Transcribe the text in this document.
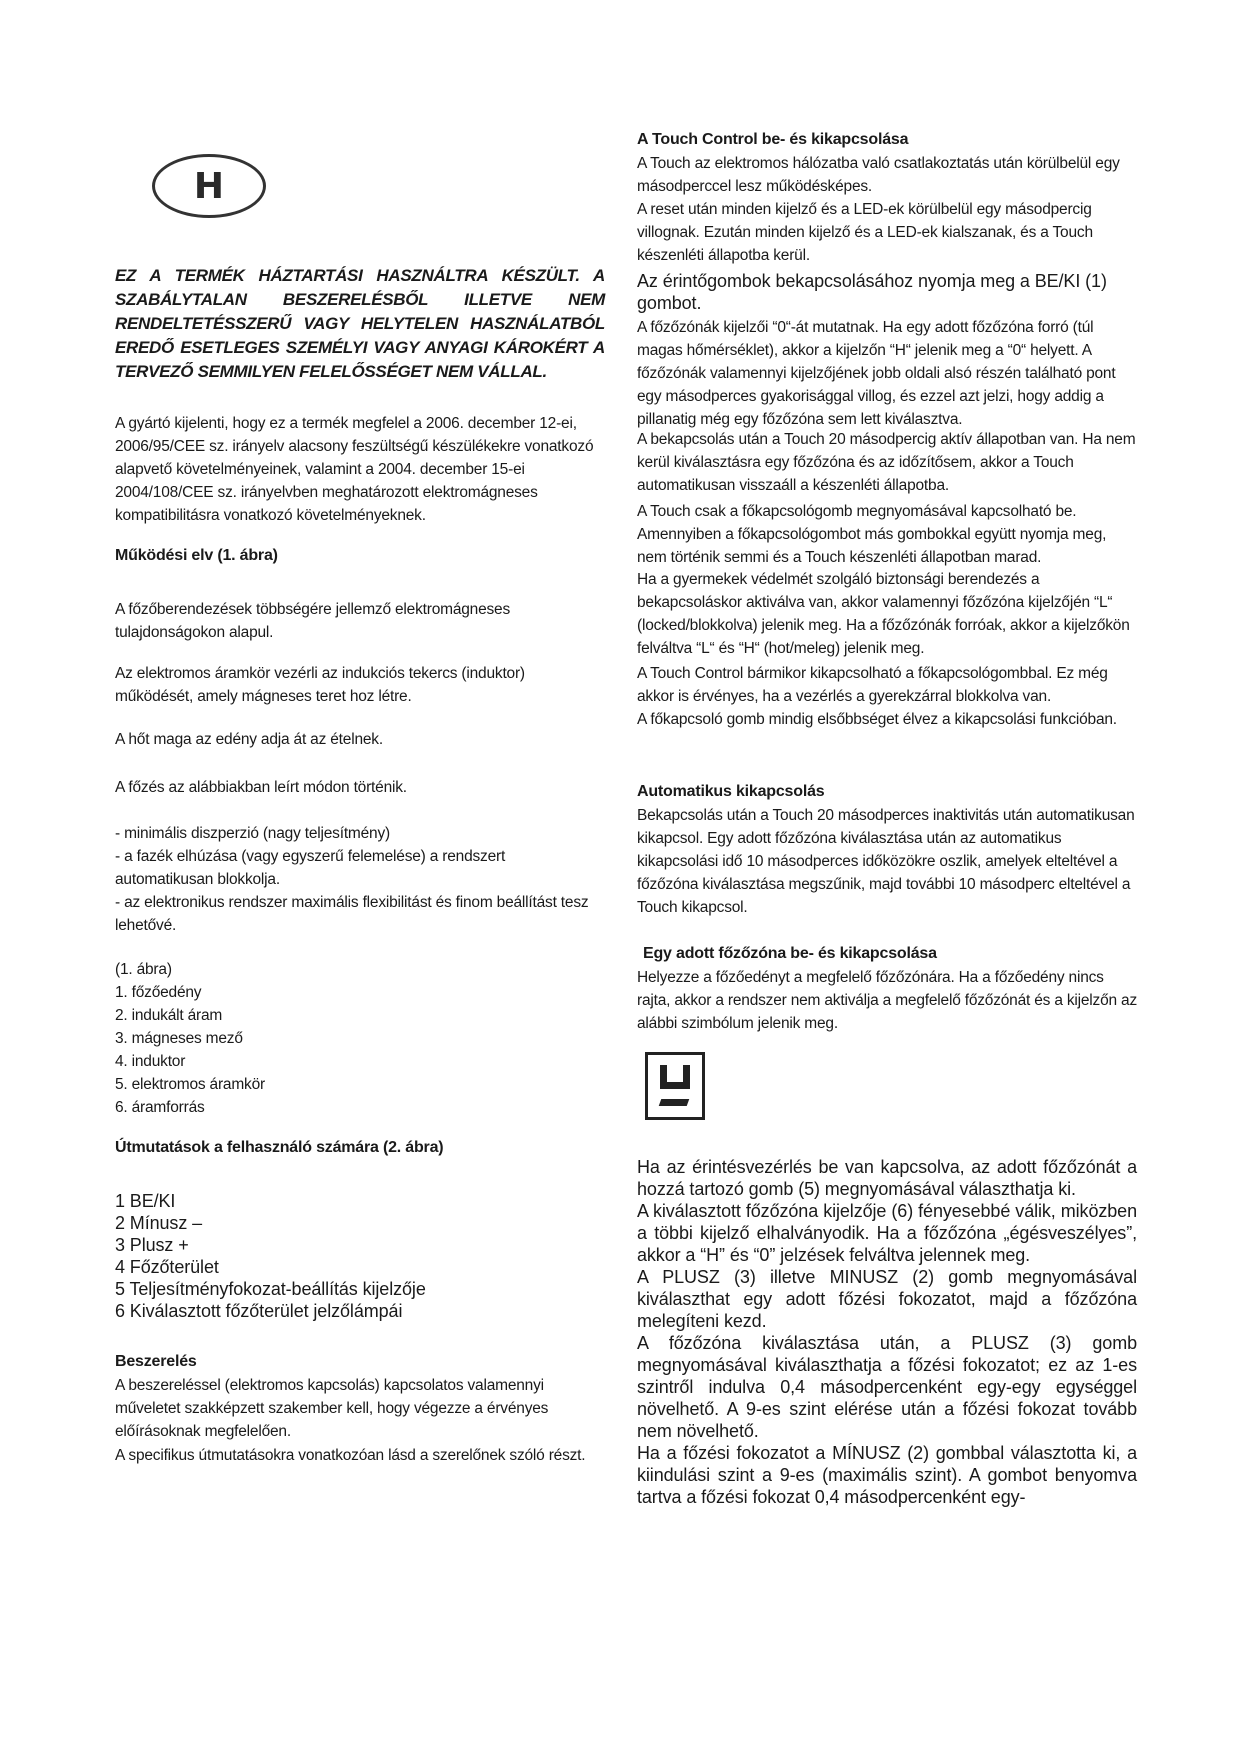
H
EZ A TERMÉK HÁZTARTÁSI HASZNÁLTRA KÉSZÜLT. A SZABÁLYTALAN BESZERELÉSBŐL ILLETVE NEM RENDELTETÉSSZERŰ VAGY HELYTELEN HASZNÁLATBÓL EREDŐ ESETLEGES SZEMÉLYI VAGY ANYAGI KÁROKÉRT A TERVEZŐ SEMMILYEN FELELŐSSÉGET NEM VÁLLAL.
A gyártó kijelenti, hogy ez a termék megfelel a 2006. december 12-ei, 2006/95/CEE sz. irányelv alacsony feszültségű készülékekre vonatkozó alapvető követelményeinek, valamint a 2004. december 15-ei 2004/108/CEE sz. irányelvben meghatározott elektromágneses kompatibilitásra vonatkozó követelményeknek.
Működési elv (1. ábra)
A főzőberendezések többségére jellemző elektromágneses tulajdonságokon alapul.
Az elektromos áramkör vezérli az indukciós tekercs (induktor) működését, amely mágneses teret hoz létre.
A hőt maga az edény adja át az ételnek.
A főzés az alábbiakban leírt módon történik.
- minimális diszperzió (nagy teljesítmény)
- a fazék elhúzása (vagy egyszerű felemelése) a rendszert automatikusan blokkolja.
- az elektronikus rendszer maximális flexibilitást és finom beállítást tesz lehetővé.
(1. ábra)
1. főzőedény
2. indukált áram
3. mágneses mező
4. induktor
5. elektromos áramkör
6. áramforrás
Útmutatások a felhasználó számára (2. ábra)
1 BE/KI
2 Mínusz –
3 Plusz +
4 Főzőterület
5 Teljesítményfokozat-beállítás kijelzője
6 Kiválasztott főzőterület jelzőlámpái
Beszerelés
A beszereléssel (elektromos kapcsolás) kapcsolatos valamennyi műveletet szakképzett szakember kell, hogy végezze a érvényes előírásoknak megfelelően.
A specifikus útmutatásokra vonatkozóan lásd a szerelőnek szóló részt.
A Touch Control be- és kikapcsolása
A Touch az elektromos hálózatba való csatlakoztatás után körülbelül egy másodperccel lesz működésképes.
A reset után minden kijelző és a LED-ek körülbelül egy másodpercig villognak. Ezután minden kijelző és a LED-ek kialszanak, és a Touch készenléti állapotba kerül.
Az érintőgombok bekapcsolásához nyomja meg a BE/KI (1) gombot.
A főzőzónák kijelzői “0“-át mutatnak. Ha egy adott főzőzóna forró (túl magas hőmérséklet), akkor a kijelzőn “H“ jelenik meg a “0“ helyett. A főzőzónák valamennyi kijelzőjének jobb oldali alsó részén található pont egy másodperces gyakorisággal villog, és ezzel azt jelzi, hogy addig a pillanatig még egy főzőzóna sem lett kiválasztva.
A bekapcsolás után a Touch 20 másodpercig aktív állapotban van. Ha nem kerül kiválasztásra egy főzőzóna és az időzítősem, akkor a Touch automatikusan visszaáll a készenléti állapotba.
A Touch csak a főkapcsológomb megnyomásával kapcsolható be. Amennyiben a főkapcsológombot más gombokkal együtt nyomja meg, nem történik semmi és a Touch készenléti állapotban marad.
Ha a gyermekek védelmét szolgáló biztonsági berendezés a bekapcsoláskor aktiválva van, akkor valamennyi főzőzóna kijelzőjén “L“ (locked/blokkolva) jelenik meg. Ha a főzőzónák forróak, akkor a kijelzőkön felváltva “L“ és “H“ (hot/meleg) jelenik meg.
A Touch Control bármikor kikapcsolható a főkapcsológombbal. Ez még akkor is érvényes, ha a vezérlés a gyerekzárral blokkolva van.
A főkapcsoló gomb mindig elsőbbséget élvez a kikapcsolási funkcióban.
Automatikus kikapcsolás
Bekapcsolás után a Touch 20 másodperces inaktivitás után automatikusan kikapcsol. Egy adott főzőzóna kiválasztása után az automatikus kikapcsolási idő 10 másodperces időközökre oszlik, amelyek elteltével a főzőzóna kiválasztása megszűnik, majd további 10 másodperc elteltével a Touch kikapcsol.
Egy adott főzőzóna be- és kikapcsolása
Helyezze a főzőedényt a megfelelő főzőzónára. Ha a főzőedény nincs rajta, akkor a rendszer nem aktiválja a megfelelő főzőzónát és a kijelzőn az alábbi szimbólum jelenik meg.
Ha az érintésvezérlés be van kapcsolva, az adott főzőzónát a hozzá tartozó gomb (5) megnyomásával választhatja ki.
A kiválasztott főzőzóna kijelzője (6) fényesebbé válik, miközben a többi kijelző elhalványodik. Ha a főzőzóna „égésveszélyes”, akkor a “H” és “0” jelzések felváltva jelennek meg.
A PLUSZ (3) illetve MINUSZ (2) gomb megnyomásával kiválaszthat egy adott főzési fokozatot, majd a főzőzóna melegíteni kezd.
A főzőzóna kiválasztása után, a PLUSZ (3) gomb megnyomásával kiválaszthatja a főzési fokozatot; ez az 1-es szintről indulva 0,4 másodpercenként egy-egy egységgel növelhető. A 9-es szint elérése után a főzési fokozat tovább nem növelhető.
Ha a főzési fokozatot a MÍNUSZ (2) gombbal választotta ki, a kiindulási szint a 9-es (maximális szint). A gombot benyomva tartva a főzési fokozat 0,4 másodpercenként egy-
